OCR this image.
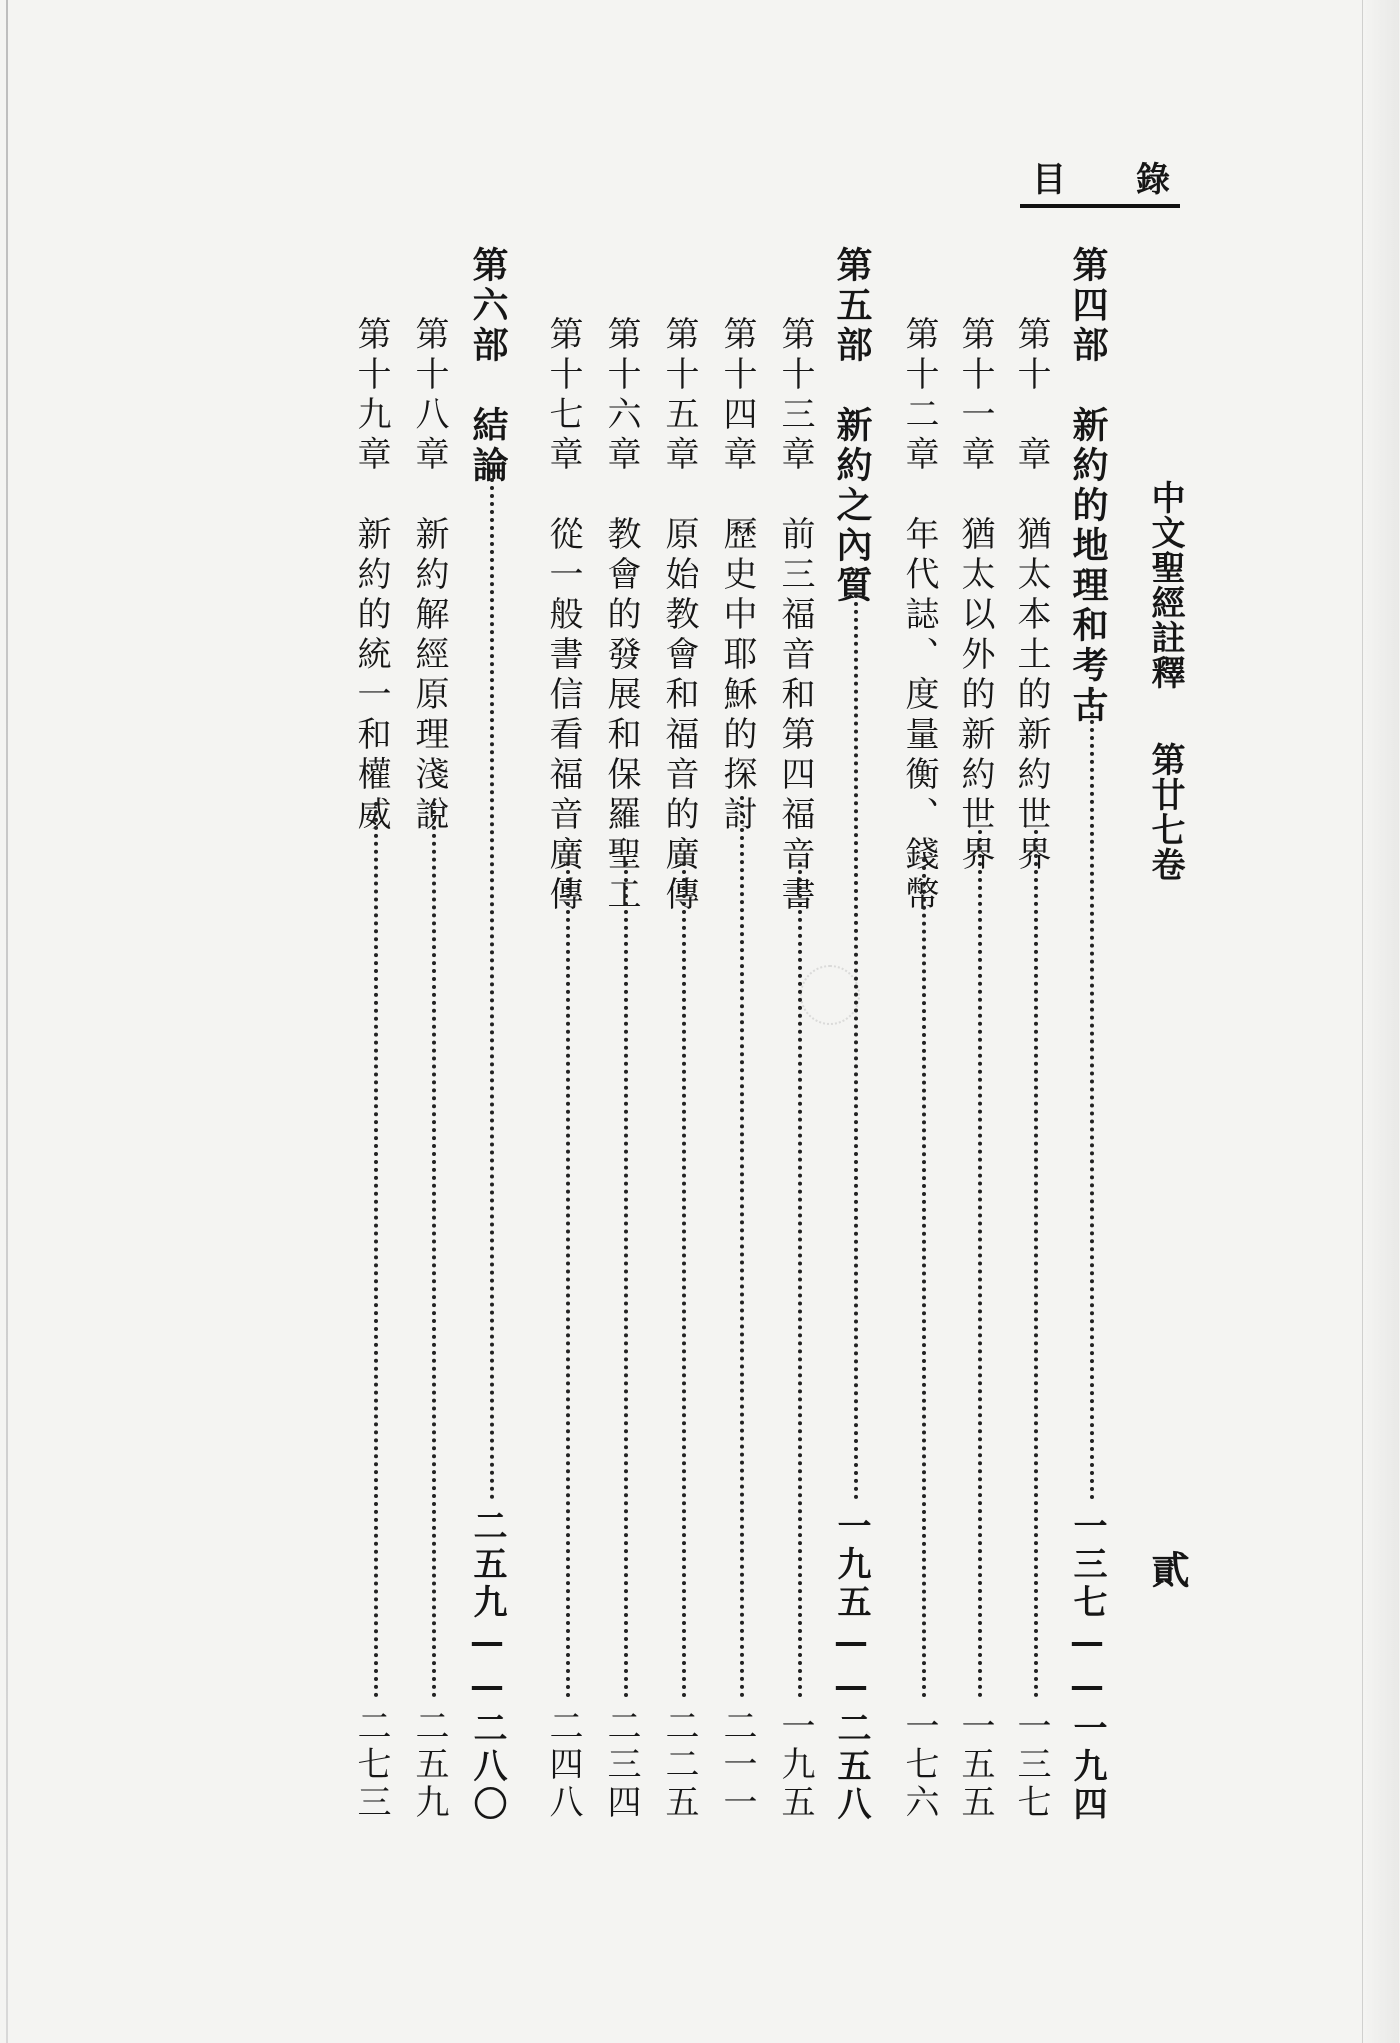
目 錄
中文聖經註釋
第廿七卷
貳
第四部　新約的地理和考古
一三七——一九四
第十　章　猶太本土的新約世界
一三七
第十一章　猶太以外的新約世界
一五五
第十二章　年代誌、度量衡、錢幣
一七六
第五部　新約之內質
一九五——二五八
第十三章　前三福音和第四福音書
一九五
第十四章　歷史中耶穌的探討
二一一
第十五章　原始教會和福音的廣傳
二二五
第十六章　教會的發展和保羅聖工
二三四
第十七章　從一般書信看福音廣傳
二四八
第六部　結論
二五九——二八〇
第十八章　新約解經原理淺說
二五九
第十九章　新約的統一和權威
二七三
